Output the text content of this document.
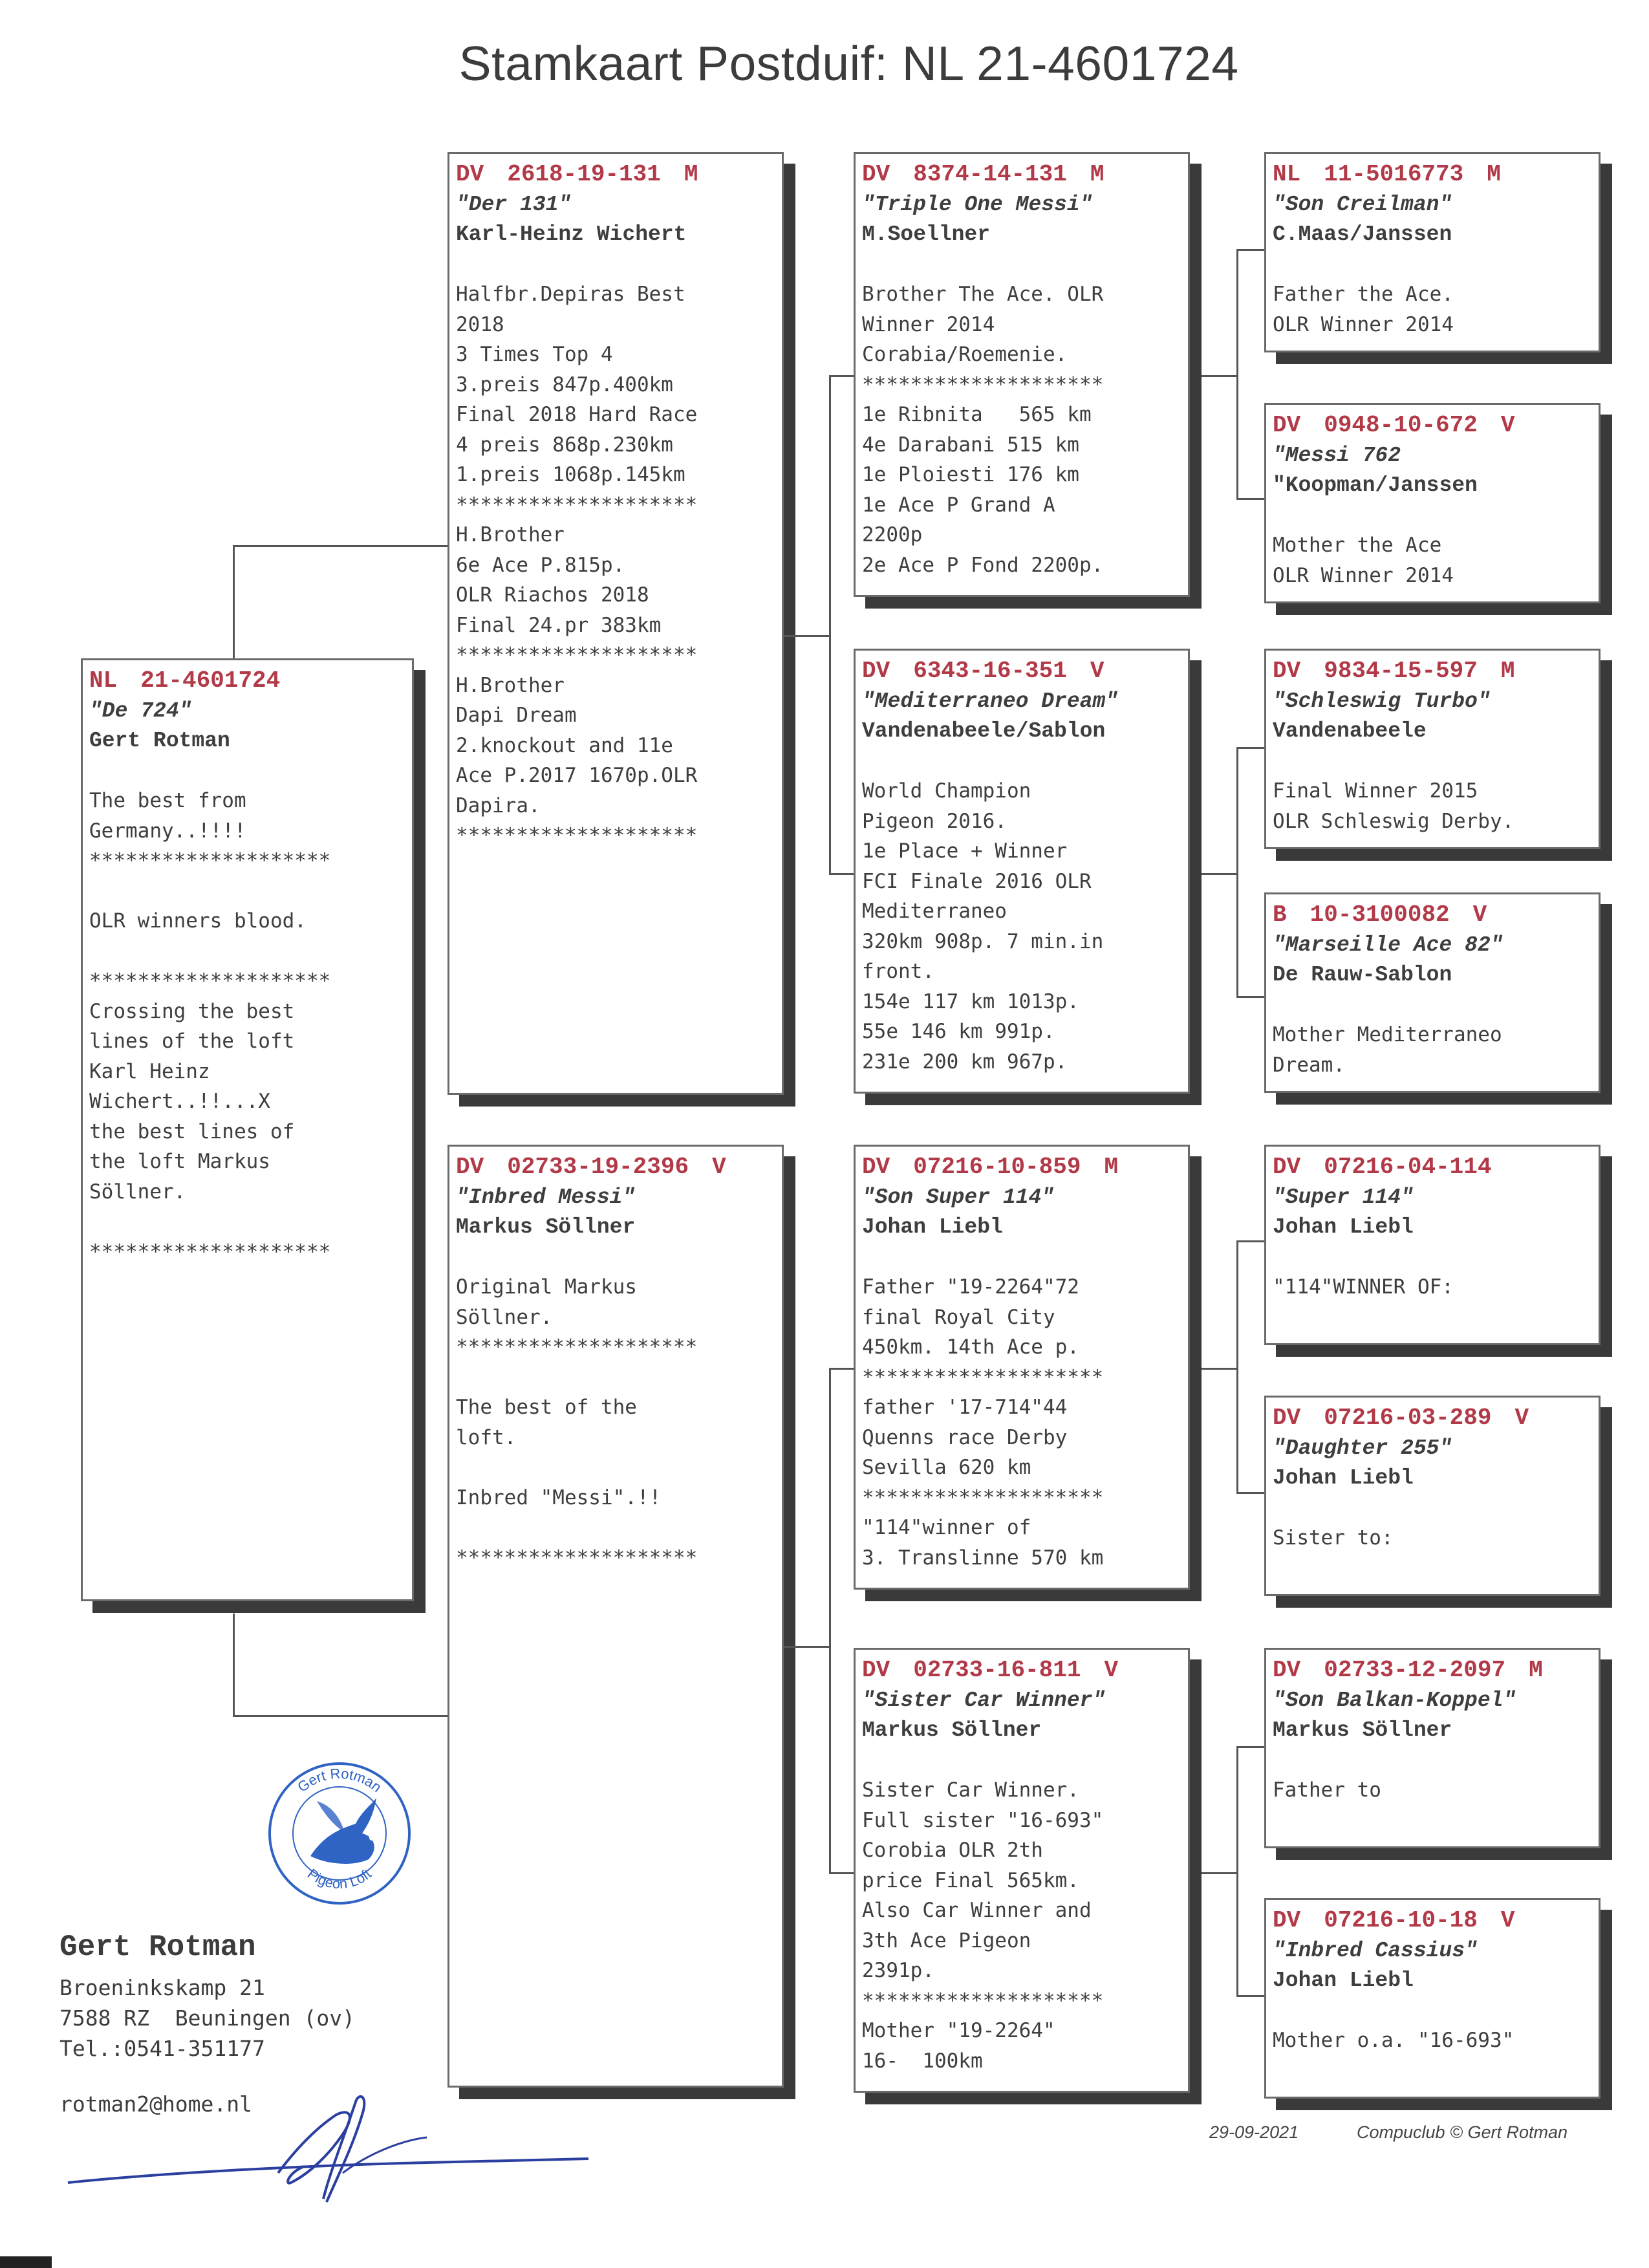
Stamkaart Postduif: NL 21-4601724
NL 21-4601724
"De 724"
Gert Rotman
The best from
Germany..!!!!
********************

OLR winners blood.

********************
Crossing the best
lines of the loft
Karl Heinz
Wichert..!!...X
the best lines of
the loft Markus
Söllner.

********************
DV 2618-19-131 M
"Der 131"
Karl-Heinz Wichert
Halfbr.Depiras Best
2018
3 Times Top 4
3.preis 847p.400km
Final 2018 Hard Race
4 preis 868p.230km
1.preis 1068p.145km
********************
H.Brother
6e Ace P.815p.
OLR Riachos 2018
Final 24.pr 383km
********************
H.Brother
Dapi Dream
2.knockout and 11e
Ace P.2017 1670p.OLR
Dapira.
********************
DV 02733-19-2396 V
"Inbred Messi"
Markus Söllner
Original Markus
Söllner.
********************

The best of the
loft.

Inbred "Messi".!!

********************
DV 8374-14-131 M
"Triple One Messi"
M.Soellner
Brother The Ace. OLR
Winner 2014
Corabia/Roemenie.
********************
1e Ribnita   565 km
4e Darabani 515 km
1e Ploiesti 176 km
1e Ace P Grand A
2200p
2e Ace P Fond 2200p.
DV 6343-16-351 V
"Mediterraneo Dream"
Vandenabeele/Sablon
World Champion
Pigeon 2016.
1e Place + Winner
FCI Finale 2016 OLR
Mediterraneo
320km 908p. 7 min.in
front.
154e 117 km 1013p.
55e 146 km 991p.
231e 200 km 967p.
DV 07216-10-859 M
"Son Super 114"
Johan Liebl
Father "19-2264"72
final Royal City
450km. 14th Ace p.
********************
father '17-714"44
Quenns race Derby
Sevilla 620 km
********************
"114"winner of
3. Translinne 570 km
DV 02733-16-811 V
"Sister Car Winner"
Markus Söllner
Sister Car Winner.
Full sister "16-693"
Corobia OLR 2th
price Final 565km.
Also Car Winner and
3th Ace Pigeon
2391p.
********************
Mother "19-2264"
16-  100km
NL 11-5016773 M
"Son Creilman"
C.Maas/Janssen
Father the Ace.
OLR Winner 2014
DV 0948-10-672 V
"Messi 762
"Koopman/Janssen
Mother the Ace
OLR Winner 2014
DV 9834-15-597 M
"Schleswig Turbo"
Vandenabeele
Final Winner 2015
OLR Schleswig Derby.
B 10-3100082 V
"Marseille Ace 82"
De Rauw-Sablon
Mother Mediterraneo
Dream.
DV 07216-04-114
"Super 114"
Johan Liebl
"114"WINNER OF:
DV 07216-03-289 V
"Daughter 255"
Johan Liebl
Sister to:
DV 02733-12-2097 M
"Son Balkan-Koppel"
Markus Söllner
Father to
DV 07216-10-18 V
"Inbred Cassius"
Johan Liebl
Mother o.a. "16-693"
Gert Rotman
Pigeon Loft
Gert Rotman
Broeninkskamp 21
7588 RZ  Beuningen (ov)
Tel.:0541-351177
rotman2@home.nl
29-09-2021	Compuclub © Gert Rotman
